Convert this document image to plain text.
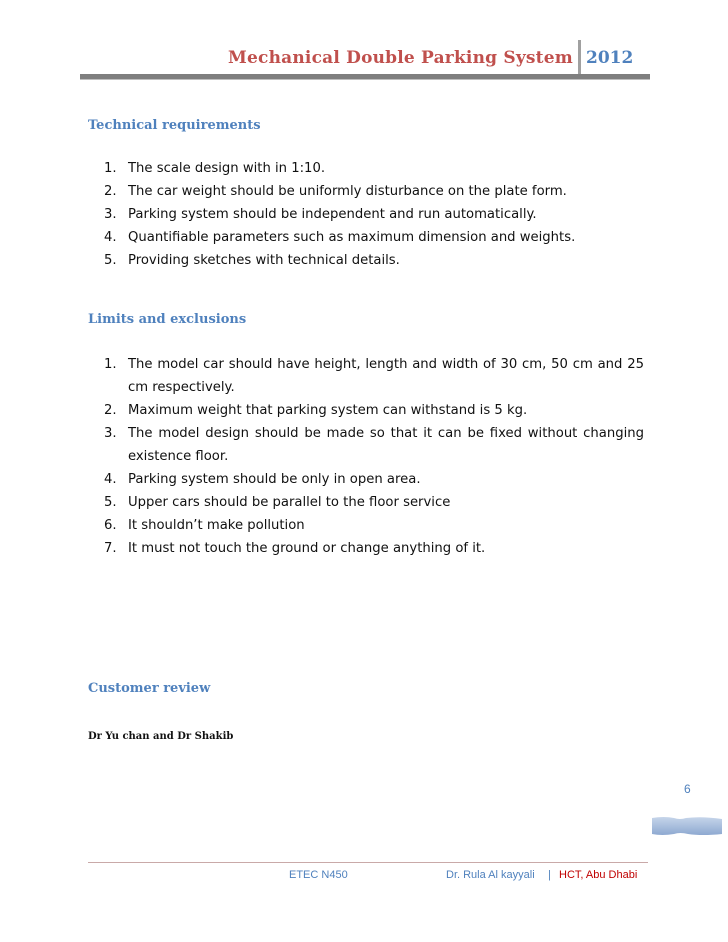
Mechanical Double Parking System 2012
Technical requirements
1. The scale design with in 1:10.
2. The car weight should be uniformly disturbance on the plate form.
3. Parking system should be independent and run automatically.
4. Quantifiable parameters such as maximum dimension and weights.
5. Providing sketches with technical details.
Limits and exclusions
1. The model car should have height, length and width of 30 cm, 50 cm and 25 cm respectively.
2. Maximum weight that parking system can withstand is 5 kg.
3. The model design should be made so that it can be fixed without changing existence floor.
4. Parking system should be only in open area.
5. Upper cars should be parallel to the floor service
6. It shouldn’t make pollution
7. It must not touch the ground or change anything of it.
Customer review
Dr Yu chan and Dr Shakib
6
ETEC N450	Dr. Rula Al kayyali | HCT, Abu Dhabi
